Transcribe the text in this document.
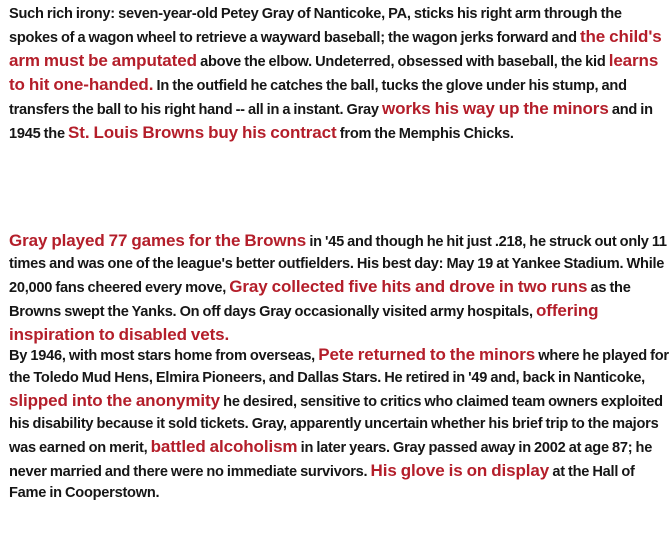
Such rich irony: seven-year-old Petey Gray of Nanticoke, PA, sticks his right arm through the spokes of a wagon wheel to retrieve a wayward baseball; the wagon jerks forward and the child's arm must be amputated above the elbow. Undeterred, obsessed with baseball, the kid learns to hit one-handed. In the outfield he catches the ball, tucks the glove under his stump, and transfers the ball to his right hand -- all in a instant. Gray works his way up the minors and in 1945 the St. Louis Browns buy his contract from the Memphis Chicks.

Gray played 77 games for the Browns in '45 and though he hit just .218, he struck out only 11 times and was one of the league's better outfielders. His best day: May 19 at Yankee Stadium. While 20,000 fans cheered every move, Gray collected five hits and drove in two runs as the Browns swept the Yanks. On off days Gray occasionally visited army hospitals, offering inspiration to disabled vets.

By 1946, with most stars home from overseas, Pete returned to the minors where he played for the Toledo Mud Hens, Elmira Pioneers, and Dallas Stars. He retired in '49 and, back in Nanticoke, slipped into the anonymity he desired, sensitive to critics who claimed team owners exploited his disability because it sold tickets. Gray, apparently uncertain whether his brief trip to the majors was earned on merit, battled alcoholism in later years. Gray passed away in 2002 at age 87; he never married and there were no immediate survivors. His glove is on display at the Hall of Fame in Cooperstown.
